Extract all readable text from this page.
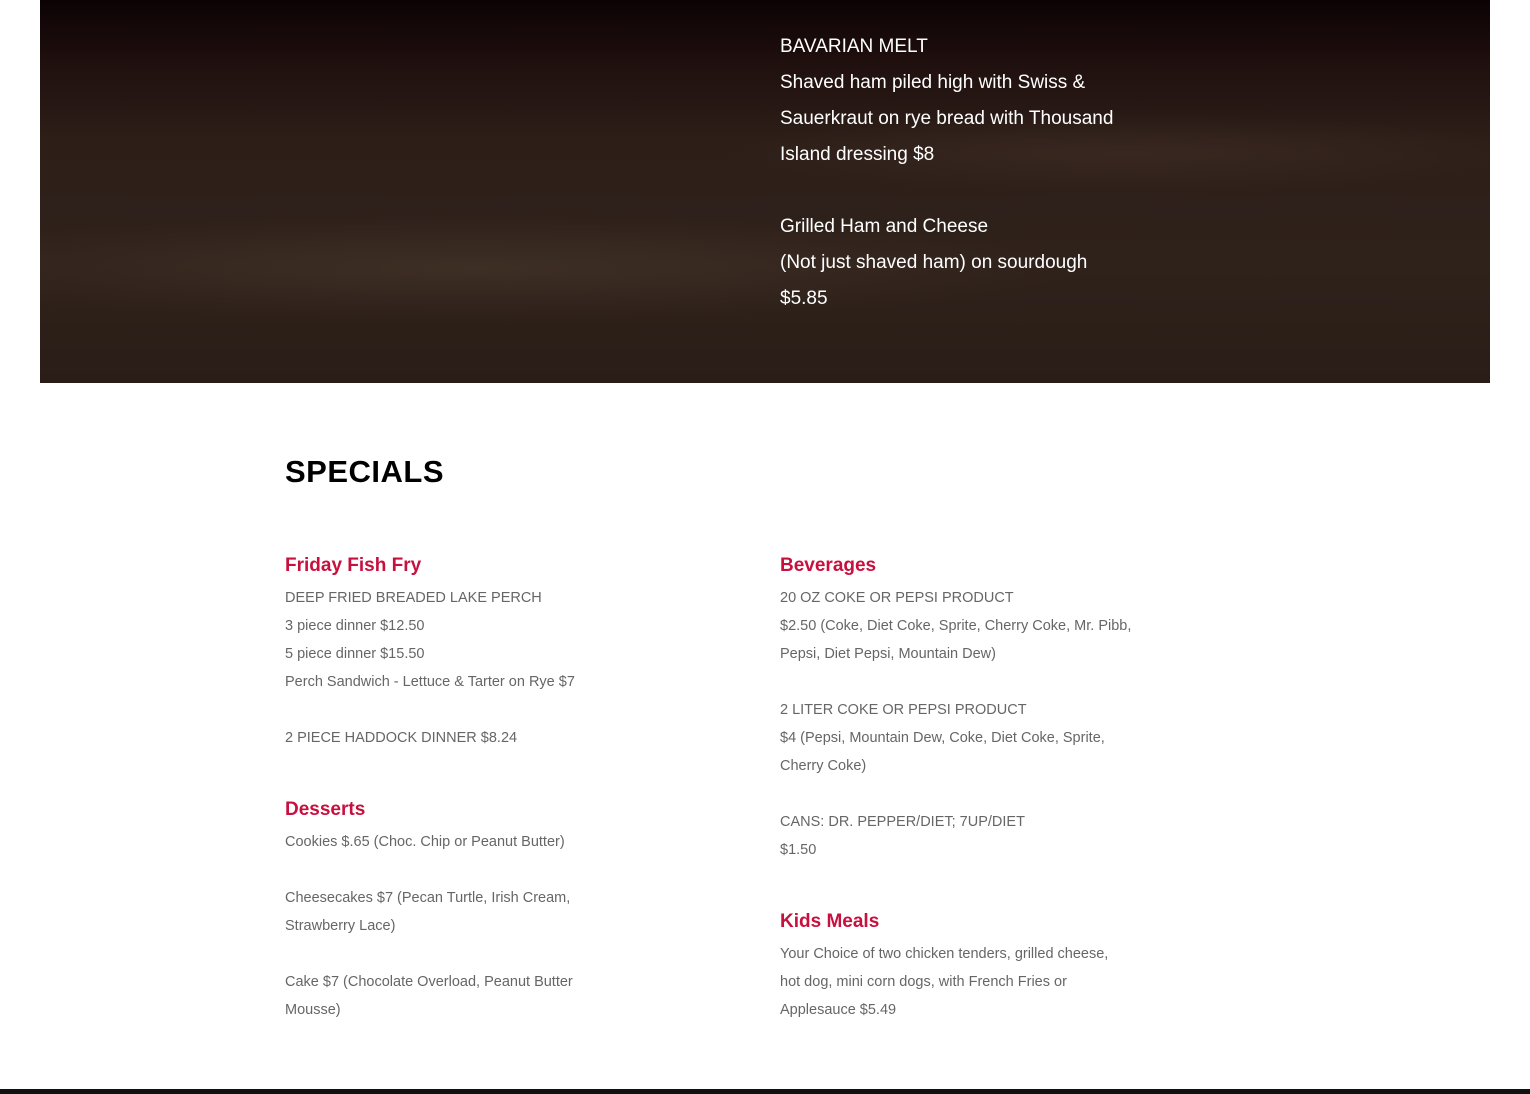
BAVARIAN MELT

Shaved ham piled high with Swiss &

Sauerkraut on rye bread with Thousand

Island dressing $8

Grilled Ham and Cheese

(Not just shaved ham) on sourdough

$5.85

SPECIALS
Friday Fish Fry

DEEP FRIED BREADED LAKE PERCH

3 piece dinner $12.50

5 piece dinner $15.50

Perch Sandwich - Lettuce & Tarter on Rye $7

2 PIECE HADDOCK DINNER $8.24

Desserts

Cookies $.65 (Choc. Chip or Peanut Butter)

Cheesecakes $7 (Pecan Turtle, Irish Cream,

Strawberry Lace)

Cake $7 (Chocolate Overload, Peanut Butter

Mousse)

Beverages

20 OZ COKE OR PEPSI PRODUCT

$2.50 (Coke, Diet Coke, Sprite, Cherry Coke, Mr. Pibb,

Pepsi, Diet Pepsi, Mountain Dew)

2 LITER COKE OR PEPSI PRODUCT

$4 (Pepsi, Mountain Dew, Coke, Diet Coke, Sprite,

Cherry Coke)

CANS: DR. PEPPER/DIET; 7UP/DIET

$1.50

Kids Meals

Your Choice of two chicken tenders, grilled cheese,

hot dog, mini corn dogs, with French Fries or

Applesauce $5.49
